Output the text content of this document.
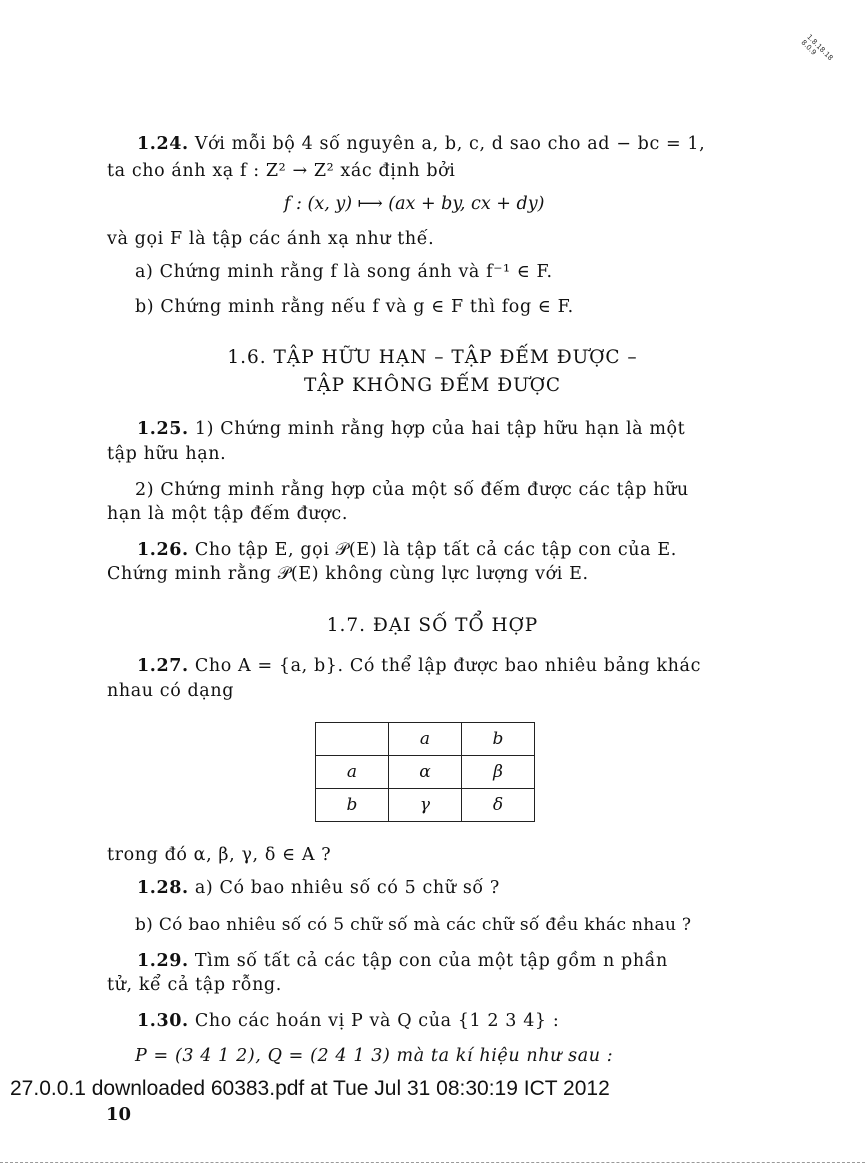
1.8.18.18 8.0.9
1.24. Với mỗi bộ 4 số nguyên a, b, c, d sao cho ad − bc = 1,
ta cho ánh xạ f : Z² → Z² xác định bởi
f : (x, y) ⟼ (ax + by, cx + dy)
và gọi F là tập các ánh xạ như thế.
a) Chứng minh rằng f là song ánh và f⁻¹ ∈ F.
b) Chứng minh rằng nếu f và g ∈ F thì fog ∈ F.
1.6. TẬP HỮU HẠN – TẬP ĐẾM ĐƯỢC –
TẬP KHÔNG ĐẾM ĐƯỢC
1.25. 1) Chứng minh rằng hợp của hai tập hữu hạn là một
tập hữu hạn.
2) Chứng minh rằng hợp của một số đếm được các tập hữu
hạn là một tập đếm được.
1.26. Cho tập E, gọi 𝒫(E) là tập tất cả các tập con của E.
Chứng minh rằng 𝒫(E) không cùng lực lượng với E.
1.7. ĐẠI SỐ TỔ HỢP
1.27. Cho A = {a, b}. Có thể lập được bao nhiêu bảng khác
nhau có dạng
	a	b
a	α	β
b	γ	δ
trong đó α, β, γ, δ ∈ A ?
1.28. a) Có bao nhiêu số có 5 chữ số ?
b) Có bao nhiêu số có 5 chữ số mà các chữ số đều khác nhau ?
1.29. Tìm số tất cả các tập con của một tập gồm n phần
tử, kể cả tập rỗng.
1.30. Cho các hoán vị P và Q của {1 2 3 4} :
P = (3 4 1 2), Q = (2 4 1 3) mà ta kí hiệu như sau :
27.0.0.1 downloaded 60383.pdf at Tue Jul 31 08:30:19 ICT 2012
10
